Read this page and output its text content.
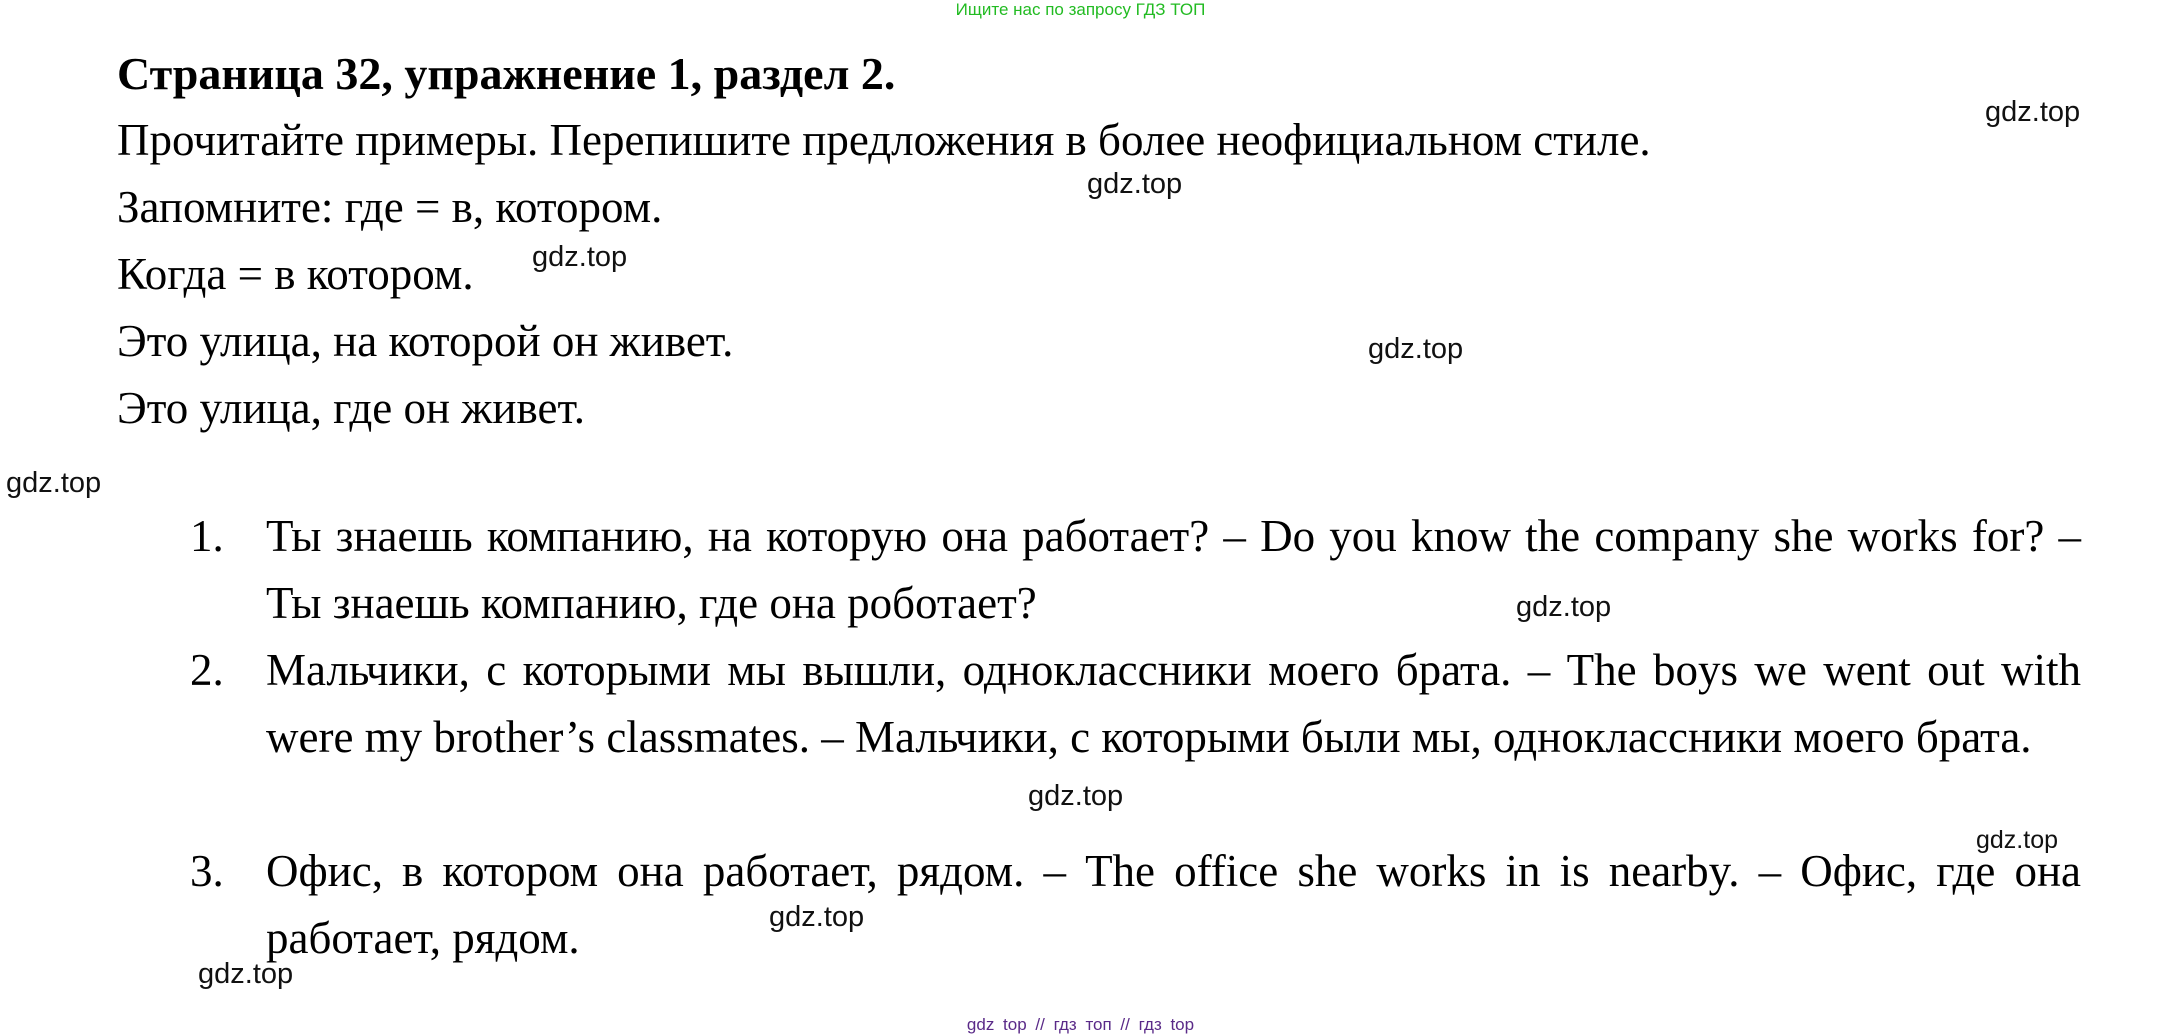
Ищите нас по запросу ГДЗ ТОП
Страница 32, упражнение 1, раздел 2.
Прочитайте примеры. Перепишите предложения в более неофициальном стиле.
Запомните: где = в, котором.
Когда = в котором.
Это улица, на которой он живет.
Это улица, где он живет.
1. Ты знаешь компанию, на которую она работает? – Do you know the company she works for? – Ты знаешь компанию, где она роботает?
2. Мальчики, с которыми мы вышли, одноклассники моего брата. – The boys we went out with were my brother’s classmates. – Мальчики, с которыми были мы, одноклассники моего брата.
3. Офис, в котором она работает, рядом. – The office she works in is nearby. – Офис, где она работает, рядом.
gdz.top
gdz.top
gdz.top
gdz.top
gdz.top
gdz.top
gdz.top
gdz.top
gdz.top
gdz.top
gdz top // гдз топ // гдз top
